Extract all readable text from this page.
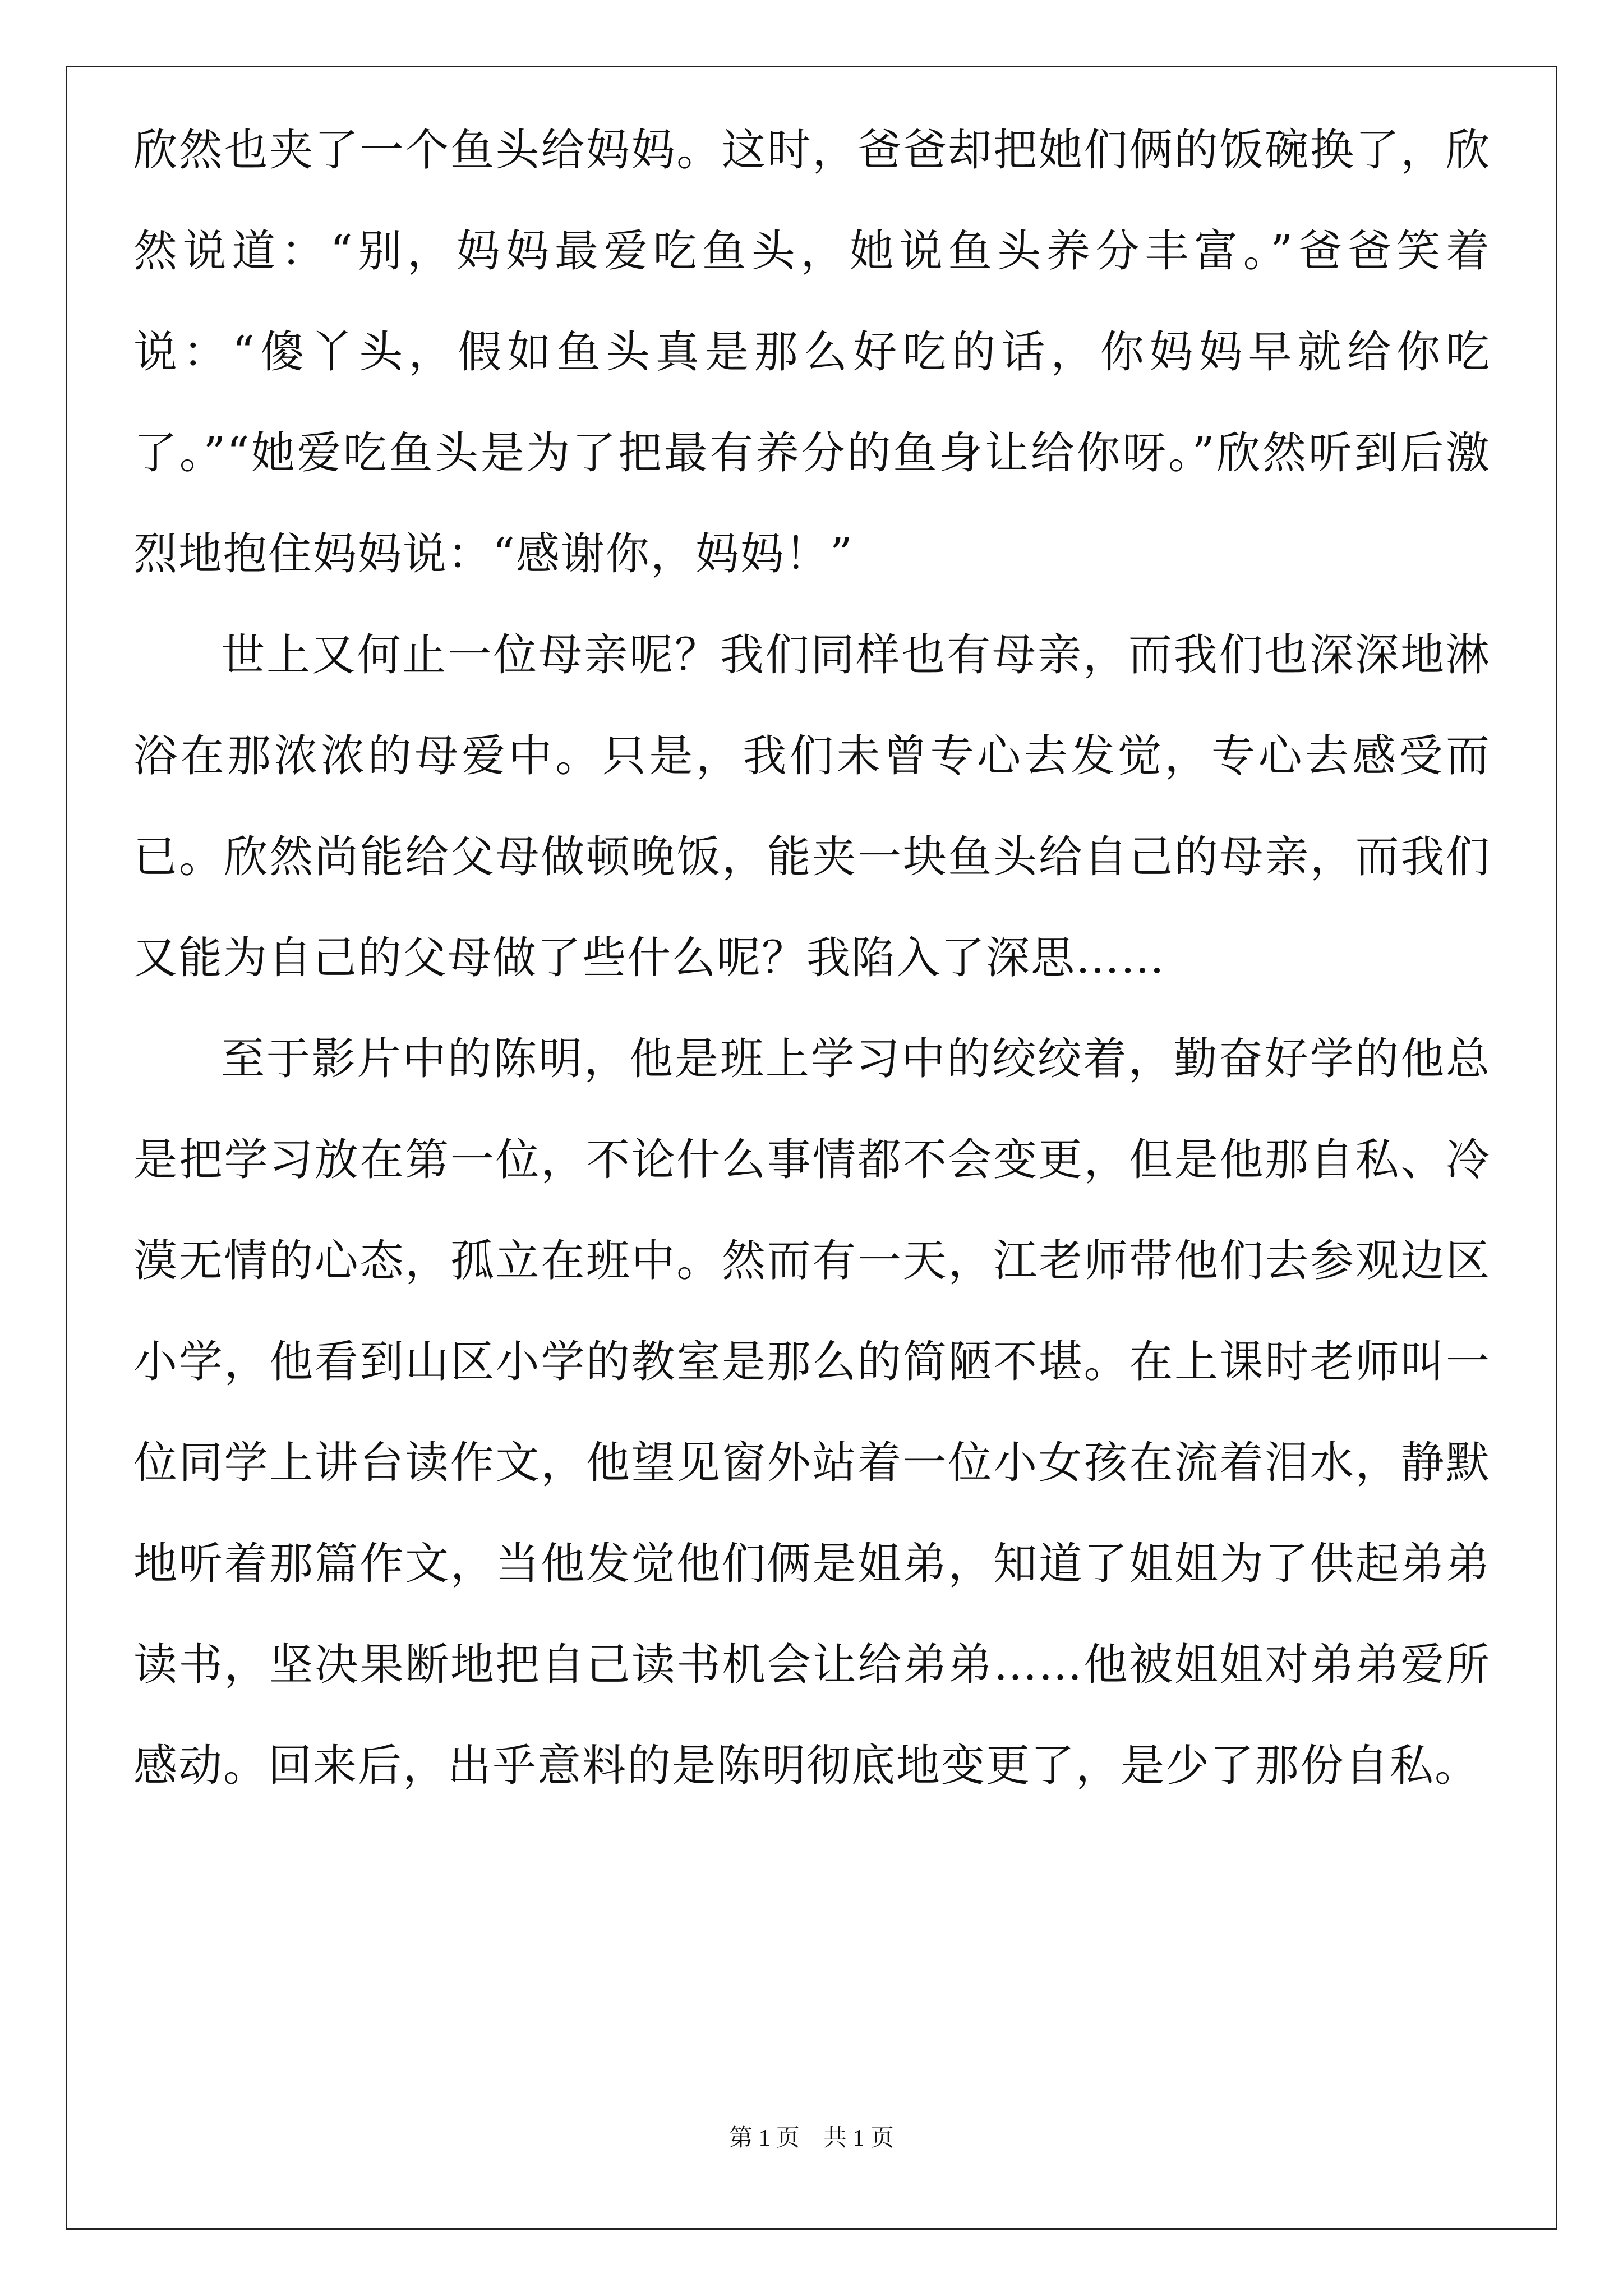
欣然也夹了一个鱼头给妈妈。这时，爸爸却把她们俩的饭碗换了，欣然说道：“别，妈妈最爱吃鱼头，她说鱼头养分丰富。”爸爸笑着说：“傻丫头，假如鱼头真是那么好吃的话，你妈妈早就给你吃了。”“她爱吃鱼头是为了把最有养分的鱼身让给你呀。”欣然听到后激烈地抱住妈妈说：“感谢你，妈妈！”

世上又何止一位母亲呢？我们同样也有母亲，而我们也深深地淋浴在那浓浓的母爱中。只是，我们未曾专心去发觉，专心去感受而已。欣然尚能给父母做顿晚饭，能夹一块鱼头给自己的母亲，而我们又能为自己的父母做了些什么呢？我陷入了深思……

至于影片中的陈明，他是班上学习中的绞绞着，勤奋好学的他总是把学习放在第一位，不论什么事情都不会变更，但是他那自私、冷漠无情的心态，孤立在班中。然而有一天，江老师带他们去参观边区小学，他看到山区小学的教室是那么的简陋不堪。在上课时老师叫一位同学上讲台读作文，他望见窗外站着一位小女孩在流着泪水，静默地听着那篇作文，当他发觉他们俩是姐弟，知道了姐姐为了供起弟弟读书，坚决果断地把自己读书机会让给弟弟……他被姐姐对弟弟爱所感动。回来后，出乎意料的是陈明彻底地变更了，是少了那份自私。

第 1 页　共 1 页
